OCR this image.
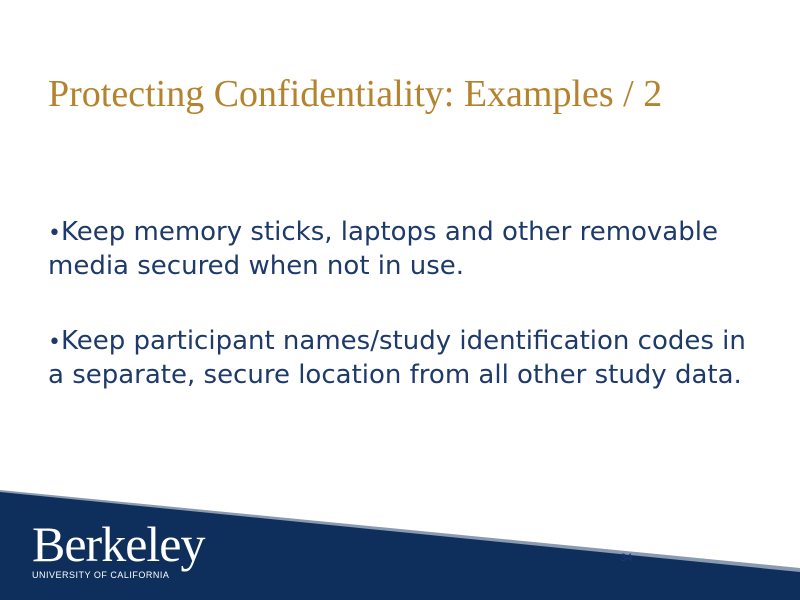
Protecting Confidentiality: Examples / 2
•Keep memory sticks, laptops and other removable media secured when not in use.
•Keep participant names/study identification codes in a separate, secure location from all other study data.
Berkeley
UNIVERSITY OF CALIFORNIA
34
